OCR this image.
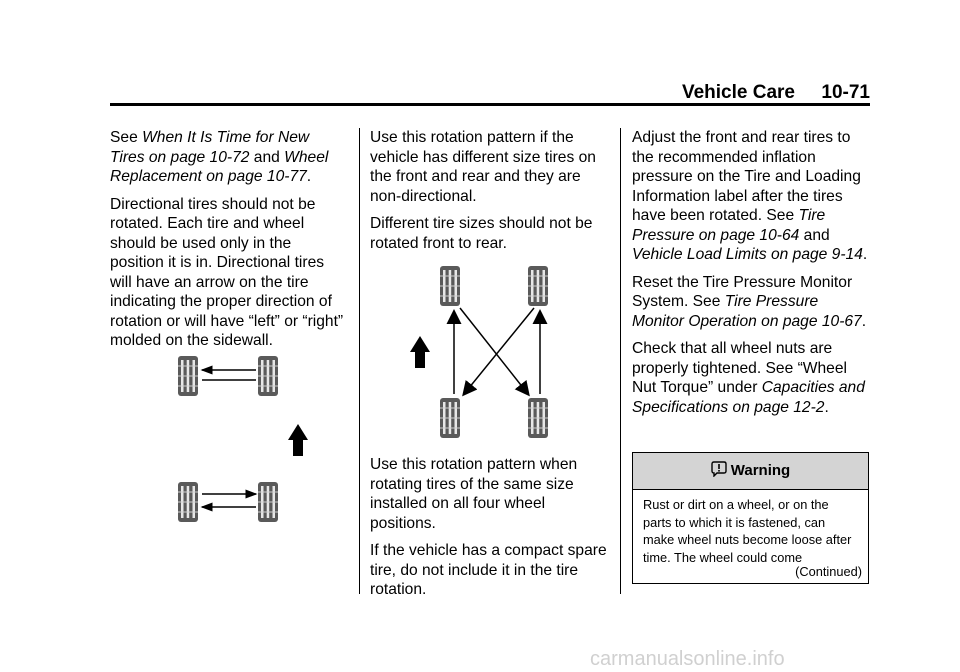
Vehicle Care 10-71

See When It Is Time for New Tires on page 10-72 and Wheel Replacement on page 10-77.

Directional tires should not be rotated. Each tire and wheel should be used only in the position it is in. Directional tires will have an arrow on the tire indicating the proper direction of rotation or will have “left” or “right” molded on the sidewall.

Use this rotation pattern if the vehicle has different size tires on the front and rear and they are non-directional.

Different tire sizes should not be rotated front to rear.

Use this rotation pattern when rotating tires of the same size installed on all four wheel positions.

If the vehicle has a compact spare tire, do not include it in the tire rotation.

Adjust the front and rear tires to the recommended inflation pressure on the Tire and Loading Information label after the tires have been rotated. See Tire Pressure on page 10-64 and Vehicle Load Limits on page 9-14.

Reset the Tire Pressure Monitor System. See Tire Pressure Monitor Operation on page 10-67.

Check that all wheel nuts are properly tightened. See “Wheel Nut Torque” under Capacities and Specifications on page 12-2.

Warning
Rust or dirt on a wheel, or on the parts to which it is fastened, can make wheel nuts become loose after time. The wheel could come
(Continued)
carmanualsonline.info
